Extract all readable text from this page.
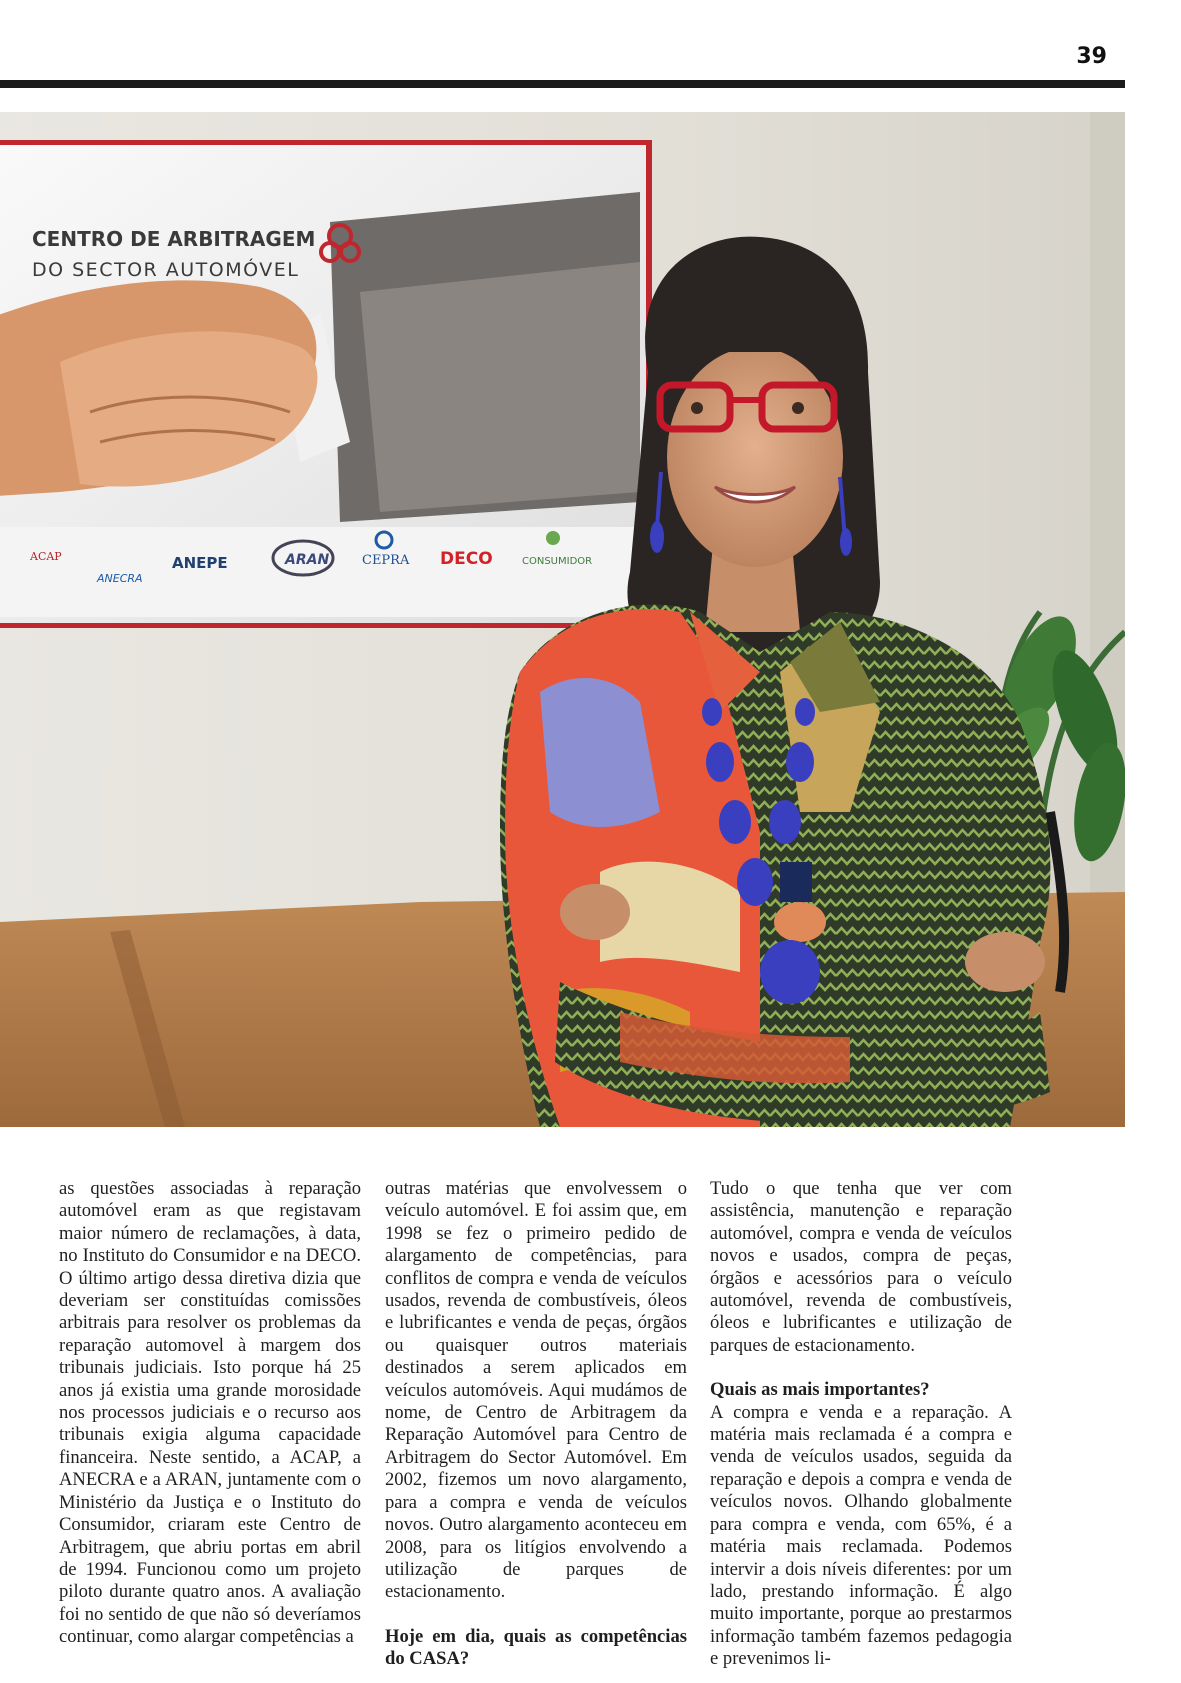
39
CENTRO DE ARBITRAGEM
DO SECTOR AUTOMÓVEL
ACAP
ANECRA
ANEPE	ARAN	CEPRA DECO	CONSUMIDOR

as questões associadas à reparação automóvel eram as que registavam maior número de reclamações, à data, no Instituto do Consumidor e na DECO. O último artigo dessa diretiva dizia que deveriam ser constituídas comissões arbitrais para resolver os problemas da reparação automovel à margem dos tribunais judiciais. Isto porque há 25 anos já existia uma grande morosidade nos processos judiciais e o recurso aos tribunais exigia alguma capacidade financeira. Neste sentido, a ACAP, a ANECRA e a ARAN, juntamente com o Ministério da Justiça e o Instituto do Consumidor, criaram este Centro de Arbitragem, que abriu portas em abril de 1994. Funcionou como um projeto piloto durante quatro anos. A avaliação foi no sentido de que não só deveríamos continuar, como alargar competências a

outras matérias que envolvessem o veículo automóvel. E foi assim que, em 1998 se fez o primeiro pedido de alargamento de competências, para conflitos de compra e venda de veículos usados, revenda de combustíveis, óleos e lubrificantes e venda de peças, órgãos ou quaisquer outros materiais destinados a serem aplicados em veículos automóveis. Aqui mudámos de nome, de Centro de Arbitragem da Reparação Automóvel para Centro de Arbitragem do Sector Automóvel. Em 2002, fizemos um novo alargamento, para a compra e venda de veículos novos. Outro alargamento aconteceu em 2008, para os litígios envolvendo a utilização de parques de estacionamento.

Hoje em dia, quais as competências do CASA?

Tudo o que tenha que ver com assistência, manutenção e reparação automóvel, compra e venda de veículos novos e usados, compra de peças, órgãos e acessórios para o veículo automóvel, revenda de combustíveis, óleos e lubrificantes e utilização de parques de estacionamento.

Quais as mais importantes?

A compra e venda e a reparação. A matéria mais reclamada é a compra e venda de veículos usados, seguida da reparação e depois a compra e venda de veículos novos. Olhando globalmente para compra e venda, com 65%, é a matéria mais reclamada. Podemos intervir a dois níveis diferentes: por um lado, prestando informação. É algo muito importante, porque ao prestarmos informação também fazemos pedagogia e prevenimos li-
